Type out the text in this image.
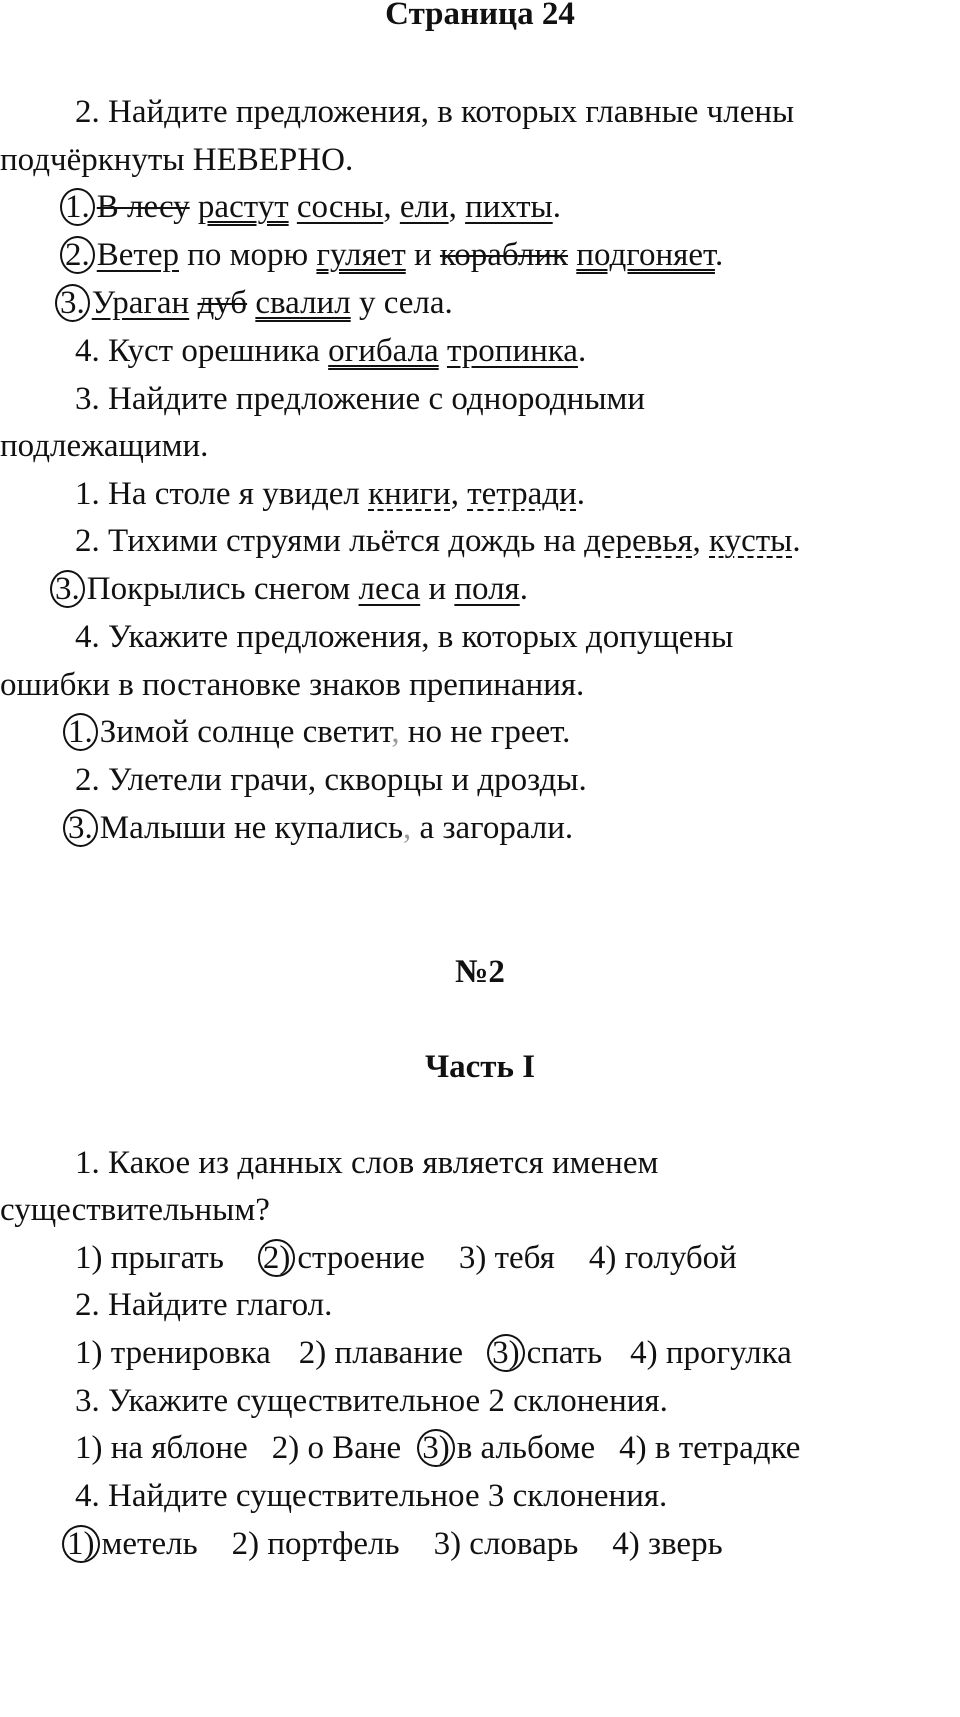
Страница 24
2. Найдите предложения, в которых главные члены
подчёркнуты НЕВЕРНО.
1. В лесу растут сосны, ели, пихты.
2. Ветер по морю гуляет и кораблик подгоняет.
3. Ураган дуб свалил у села.
4. Куст орешника огибала тропинка.
3. Найдите предложение с однородными
подлежащими.
1. На столе я увидел книги, тетради.
2. Тихими струями льётся дождь на деревья, кусты.
3. Покрылись снегом леса и поля.
4. Укажите предложения, в которых допущены
ошибки в постановке знаков препинания.
1. Зимой солнце светит, но не греет.
2. Улетели грачи, скворцы и дрозды.
3. Малыши не купались, а загорали.
№2
Часть I
1. Какое из данных слов является именем
существительным?
1) прыгать 2) строение 3) тебя 4) голубой
2. Найдите глагол.
1) тренировка 2) плавание 3) спать 4) прогулка
3. Укажите существительное 2 склонения.
1) на яблоне 2) о Ване 3) в альбоме 4) в тетрадке
4. Найдите существительное 3 склонения.
1) метель 2) портфель 3) словарь 4) зверь
